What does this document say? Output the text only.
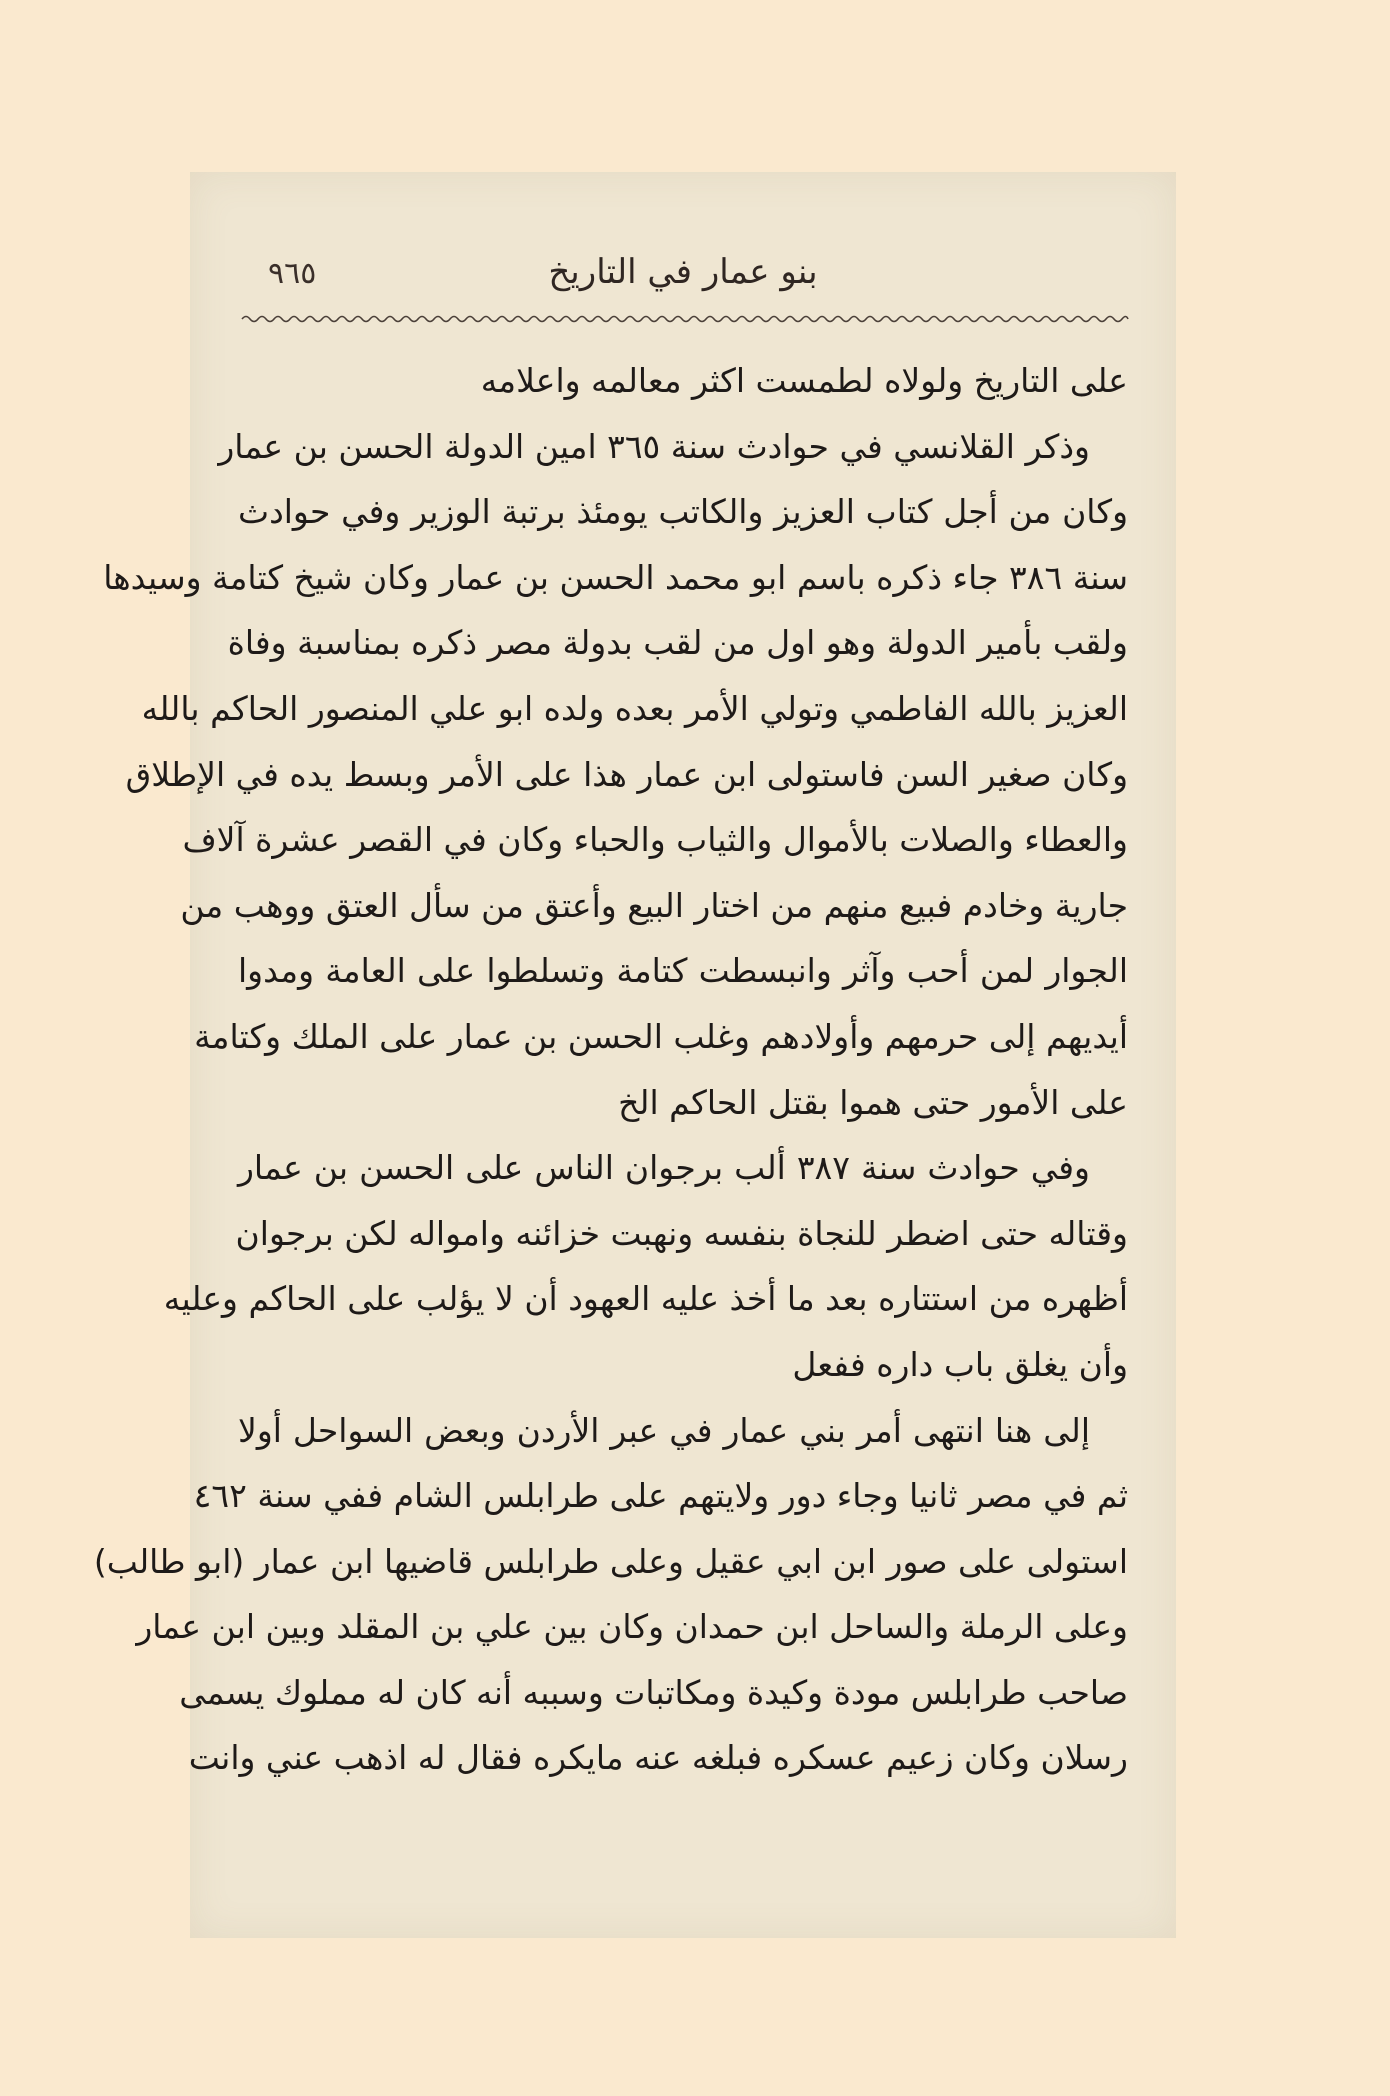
٩٦٥	بنو عمار في التاريخ
على التاريخ ولولاه لطمست اكثر معالمه واعلامه
وذكر القلانسي في حوادث سنة ٣٦٥ امين الدولة الحسن بن عمار
وكان من أجل كتاب العزيز والكاتب يومئذ برتبة الوزير وفي حوادث
سنة ٣٨٦ جاء ذكره باسم ابو محمد الحسن بن عمار وكان شيخ كتامة وسيدها
ولقب بأمير الدولة وهو اول من لقب بدولة مصر ذكره بمناسبة وفاة
العزيز بالله الفاطمي وتولي الأمر بعده ولده ابو علي المنصور الحاكم بالله
وكان صغير السن فاستولى ابن عمار هذا على الأمر وبسط يده في الإطلاق
والعطاء والصلات بالأموال والثياب والحباء وكان في القصر عشرة آلاف
جارية وخادم فبيع منهم من اختار البيع وأعتق من سأل العتق ووهب من
الجوار لمن أحب وآثر وانبسطت كتامة وتسلطوا على العامة ومدوا
أيديهم إلى حرمهم وأولادهم وغلب الحسن بن عمار على الملك وكتامة
على الأمور حتى هموا بقتل الحاكم الخ
وفي حوادث سنة ٣٨٧ ألب برجوان الناس على الحسن بن عمار
وقتاله حتى اضطر للنجاة بنفسه ونهبت خزائنه وامواله لكن برجوان
أظهره من استتاره بعد ما أخذ عليه العهود أن لا يؤلب على الحاكم وعليه
وأن يغلق باب داره ففعل
إلى هنا انتهى أمر بني عمار في عبر الأردن وبعض السواحل أولا
ثم في مصر ثانيا وجاء دور ولايتهم على طرابلس الشام ففي سنة ٤٦٢
استولى على صور ابن ابي عقيل وعلى طرابلس قاضيها ابن عمار (ابو طالب)
وعلى الرملة والساحل ابن حمدان وكان بين علي بن المقلد وبين ابن عمار
صاحب طرابلس مودة وكيدة ومكاتبات وسببه أنه كان له مملوك يسمى
رسلان وكان زعيم عسكره فبلغه عنه مايكره فقال له اذهب عني وانت
